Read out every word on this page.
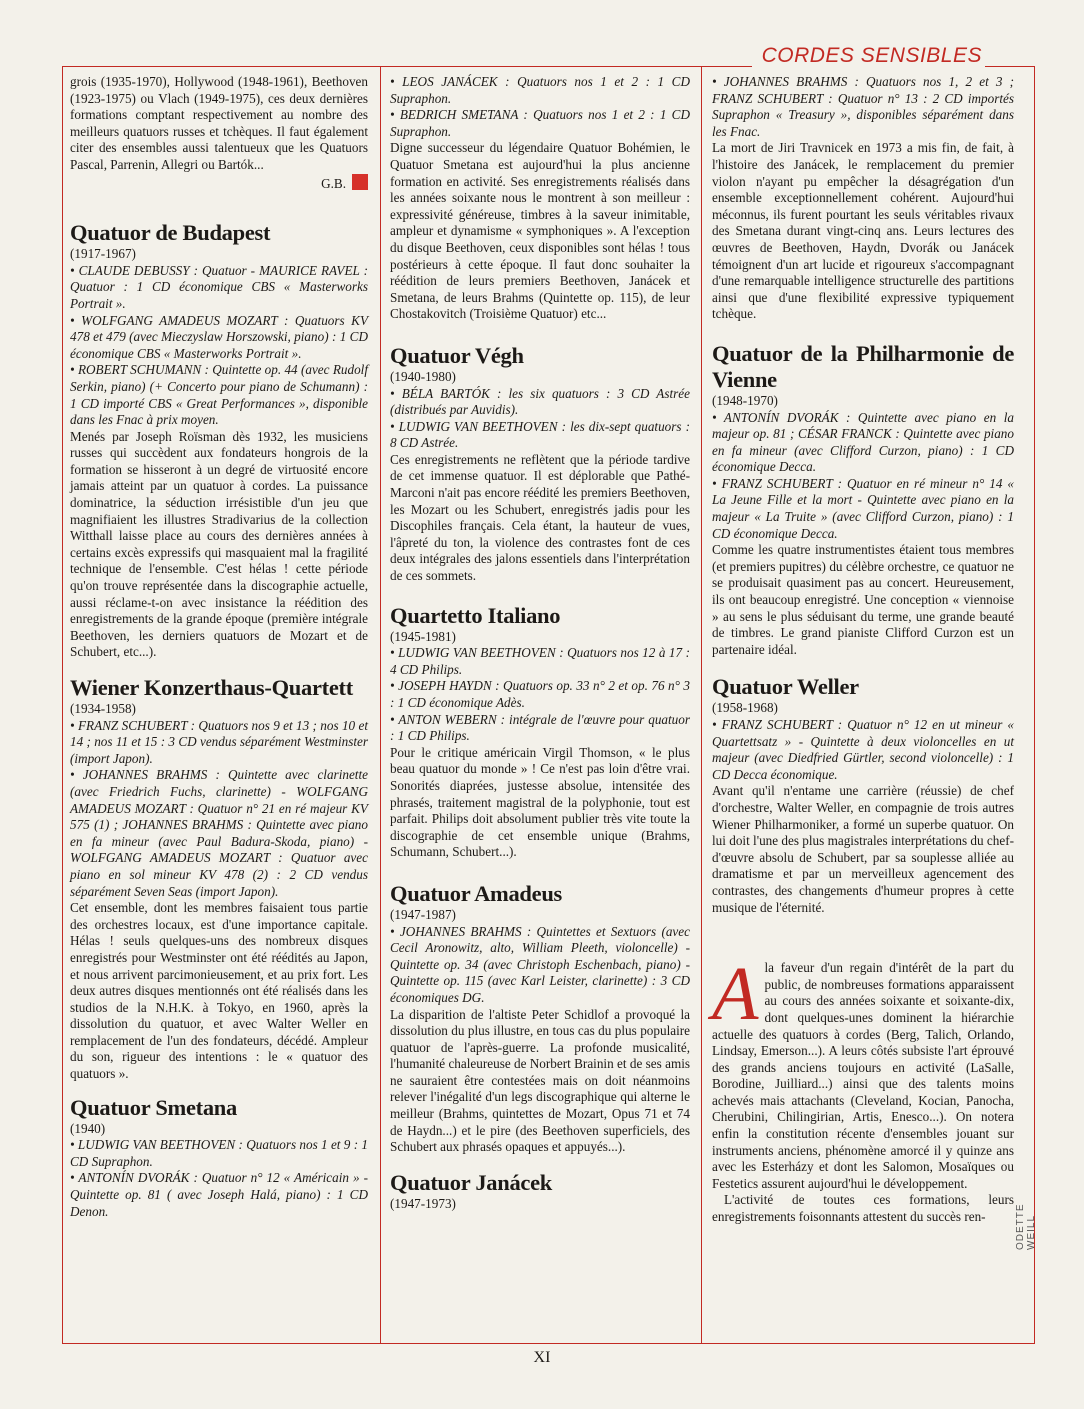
CORDES SENSIBLES

grois (1935-1970), Hollywood (1948-1961), Beethoven (1923-1975) ou Vlach (1949-1975), ces deux dernières formations comptant respectivement au nombre des meilleurs quatuors russes et tchèques. Il faut également citer des ensembles aussi talentueux que les Quatuors Pascal, Parrenin, Allegri ou Bartók...

G.B.

Quatuor de Budapest

(1917-1967)

• CLAUDE DEBUSSY : Quatuor - MAURICE RAVEL : Quatuor : 1 CD économique CBS « Masterworks Portrait ».

• WOLFGANG AMADEUS MOZART : Quatuors KV 478 et 479 (avec Mieczyslaw Horszowski, piano) : 1 CD économique CBS « Masterworks Portrait ».

• ROBERT SCHUMANN : Quintette op. 44 (avec Rudolf Serkin, piano) (+ Concerto pour piano de Schumann) : 1 CD importé CBS « Great Performances », disponible dans les Fnac à prix moyen.

Menés par Joseph Roïsman dès 1932, les musiciens russes qui succèdent aux fondateurs hongrois de la formation se hisseront à un degré de virtuosité encore jamais atteint par un quatuor à cordes. La puissance dominatrice, la séduction irrésistible d'un jeu que magnifiaient les illustres Stradivarius de la collection Witthall laisse place au cours des dernières années à certains excès expressifs qui masquaient mal la fragilité technique de l'ensemble. C'est hélas ! cette période qu'on trouve représentée dans la discographie actuelle, aussi réclame-t-on avec insistance la réédition des enregistrements de la grande époque (première intégrale Beethoven, les derniers quatuors de Mozart et de Schubert, etc...).

Wiener Konzerthaus-Quartett

(1934-1958)

• FRANZ SCHUBERT : Quatuors nos 9 et 13 ; nos 10 et 14 ; nos 11 et 15 : 3 CD vendus séparément Westminster (import Japon).

• JOHANNES BRAHMS : Quintette avec clarinette (avec Friedrich Fuchs, clarinette) - WOLFGANG AMADEUS MOZART : Quatuor n° 21 en ré majeur KV 575 (1) ; JOHANNES BRAHMS : Quintette avec piano en fa mineur (avec Paul Badura-Skoda, piano) - WOLFGANG AMADEUS MOZART : Quatuor avec piano en sol mineur KV 478 (2) : 2 CD vendus séparément Seven Seas (import Japon).

Cet ensemble, dont les membres faisaient tous partie des orchestres locaux, est d'une importance capitale. Hélas ! seuls quelques-uns des nombreux disques enregistrés pour Westminster ont été réédités au Japon, et nous arrivent parcimonieusement, et au prix fort. Les deux autres disques mentionnés ont été réalisés dans les studios de la N.H.K. à Tokyo, en 1960, après la dissolution du quatuor, et avec Walter Weller en remplacement de l'un des fondateurs, décédé. Ampleur du son, rigueur des intentions : le « quatuor des quatuors ».

Quatuor Smetana

(1940)

• LUDWIG VAN BEETHOVEN : Quatuors nos 1 et 9 : 1 CD Supraphon.

• ANTONÍN DVORÁK : Quatuor n° 12 « Américain » - Quintette op. 81 ( avec Joseph Halá, piano) : 1 CD Denon.

• LEOS JANÁCEK : Quatuors nos 1 et 2 : 1 CD Supraphon.

• BEDRICH SMETANA : Quatuors nos 1 et 2 : 1 CD Supraphon.

Digne successeur du légendaire Quatuor Bohémien, le Quatuor Smetana est aujourd'hui la plus ancienne formation en activité. Ses enregistrements réalisés dans les années soixante nous le montrent à son meilleur : expressivité généreuse, timbres à la saveur inimitable, ampleur et dynamisme « symphoniques ». A l'exception du disque Beethoven, ceux disponibles sont hélas ! tous postérieurs à cette époque. Il faut donc souhaiter la réédition de leurs premiers Beethoven, Janácek et Smetana, de leurs Brahms (Quintette op. 115), de leur Chostakovitch (Troisième Quatuor) etc...

Quatuor Végh

(1940-1980)

• BÉLA BARTÓK : les six quatuors : 3 CD Astrée (distribués par Auvidis).

• LUDWIG VAN BEETHOVEN : les dix-sept quatuors : 8 CD Astrée.

Ces enregistrements ne reflètent que la période tardive de cet immense quatuor. Il est déplorable que Pathé-Marconi n'ait pas encore réédité les premiers Beethoven, les Mozart ou les Schubert, enregistrés jadis pour les Discophiles français. Cela étant, la hauteur de vues, l'âpreté du ton, la violence des contrastes font de ces deux intégrales des jalons essentiels dans l'interprétation de ces sommets.

Quartetto Italiano

(1945-1981)

• LUDWIG VAN BEETHOVEN : Quatuors nos 12 à 17 : 4 CD Philips.

• JOSEPH HAYDN : Quatuors op. 33 n° 2 et op. 76 n° 3 : 1 CD économique Adès.

• ANTON WEBERN : intégrale de l'œuvre pour quatuor : 1 CD Philips.

Pour le critique américain Virgil Thomson, « le plus beau quatuor du monde » ! Ce n'est pas loin d'être vrai. Sonorités diaprées, justesse absolue, intensitée des phrasés, traitement magistral de la polyphonie, tout est parfait. Philips doit absolument publier très vite toute la discographie de cet ensemble unique (Brahms, Schumann, Schubert...).

Quatuor Amadeus

(1947-1987)

• JOHANNES BRAHMS : Quintettes et Sextuors (avec Cecil Aronowitz, alto, William Pleeth, violoncelle) - Quintette op. 34 (avec Christoph Eschenbach, piano) - Quintette op. 115 (avec Karl Leister, clarinette) : 3 CD économiques DG.

La disparition de l'altiste Peter Schidlof a provoqué la dissolution du plus illustre, en tous cas du plus populaire quatuor de l'après-guerre. La profonde musicalité, l'humanité chaleureuse de Norbert Brainin et de ses amis ne sauraient être contestées mais on doit néanmoins relever l'inégalité d'un legs discographique qui alterne le meilleur (Brahms, quintettes de Mozart, Opus 71 et 74 de Haydn...) et le pire (des Beethoven superficiels, des Schubert aux phrasés opaques et appuyés...).

Quatuor Janácek

(1947-1973)

• JOHANNES BRAHMS : Quatuors nos 1, 2 et 3 ; FRANZ SCHUBERT : Quatuor n° 13 : 2 CD importés Supraphon « Treasury », disponibles séparément dans les Fnac.

La mort de Jiri Travnicek en 1973 a mis fin, de fait, à l'histoire des Janácek, le remplacement du premier violon n'ayant pu empêcher la désagrégation d'un ensemble exceptionnellement cohérent. Aujourd'hui méconnus, ils furent pourtant les seuls véritables rivaux des Smetana durant vingt-cinq ans. Leurs lectures des œuvres de Beethoven, Haydn, Dvorák ou Janácek témoignent d'un art lucide et rigoureux s'accompagnant d'une remarquable intelligence structurelle des partitions ainsi que d'une flexibilité expressive typiquement tchèque.

Quatuor de la Philharmonie de Vienne

(1948-1970)

• ANTONÍN DVORÁK : Quintette avec piano en la majeur op. 81 ; CÉSAR FRANCK : Quintette avec piano en fa mineur (avec Clifford Curzon, piano) : 1 CD économique Decca.

• FRANZ SCHUBERT : Quatuor en ré mineur n° 14 « La Jeune Fille et la mort - Quintette avec piano en la majeur « La Truite » (avec Clifford Curzon, piano) : 1 CD économique Decca.

Comme les quatre instrumentistes étaient tous membres (et premiers pupitres) du célèbre orchestre, ce quatuor ne se produisait quasiment pas au concert. Heureusement, ils ont beaucoup enregistré. Une conception « viennoise » au sens le plus séduisant du terme, une grande beauté de timbres. Le grand pianiste Clifford Curzon est un partenaire idéal.

Quatuor Weller

(1958-1968)

• FRANZ SCHUBERT : Quatuor n° 12 en ut mineur « Quartettsatz » - Quintette à deux violoncelles en ut majeur (avec Diedfried Gürtler, second violoncelle) : 1 CD Decca économique.

Avant qu'il n'entame une carrière (réussie) de chef d'orchestre, Walter Weller, en compagnie de trois autres Wiener Philharmoniker, a formé un superbe quatuor. On lui doit l'une des plus magistrales interprétations du chef-d'œuvre absolu de Schubert, par sa souplesse alliée au dramatisme et par un merveilleux agencement des contrastes, des changements d'humeur propres à cette musique de l'éternité.

Ala faveur d'un regain d'intérêt de la part du public, de nombreuses formations apparaissent au cours des années soixante et soixante-dix, dont quelques-unes dominent la hiérarchie actuelle des quatuors à cordes (Berg, Talich, Orlando, Lindsay, Emerson...). A leurs côtés subsiste l'art éprouvé des grands anciens toujours en activité (LaSalle, Borodine, Juilliard...) ainsi que des talents moins achevés mais attachants (Cleveland, Kocian, Panocha, Cherubini, Chilingirian, Artis, Enesco...). On notera enfin la constitution récente d'ensembles jouant sur instruments anciens, phénomène amorcé il y quinze ans avec les Esterházy et dont les Salomon, Mosaïques ou Festetics assurent aujourd'hui le développement.

L'activité de toutes ces formations, leurs enregistrements foisonnants attestent du succès ren-	ODETTE WEILL
XI
